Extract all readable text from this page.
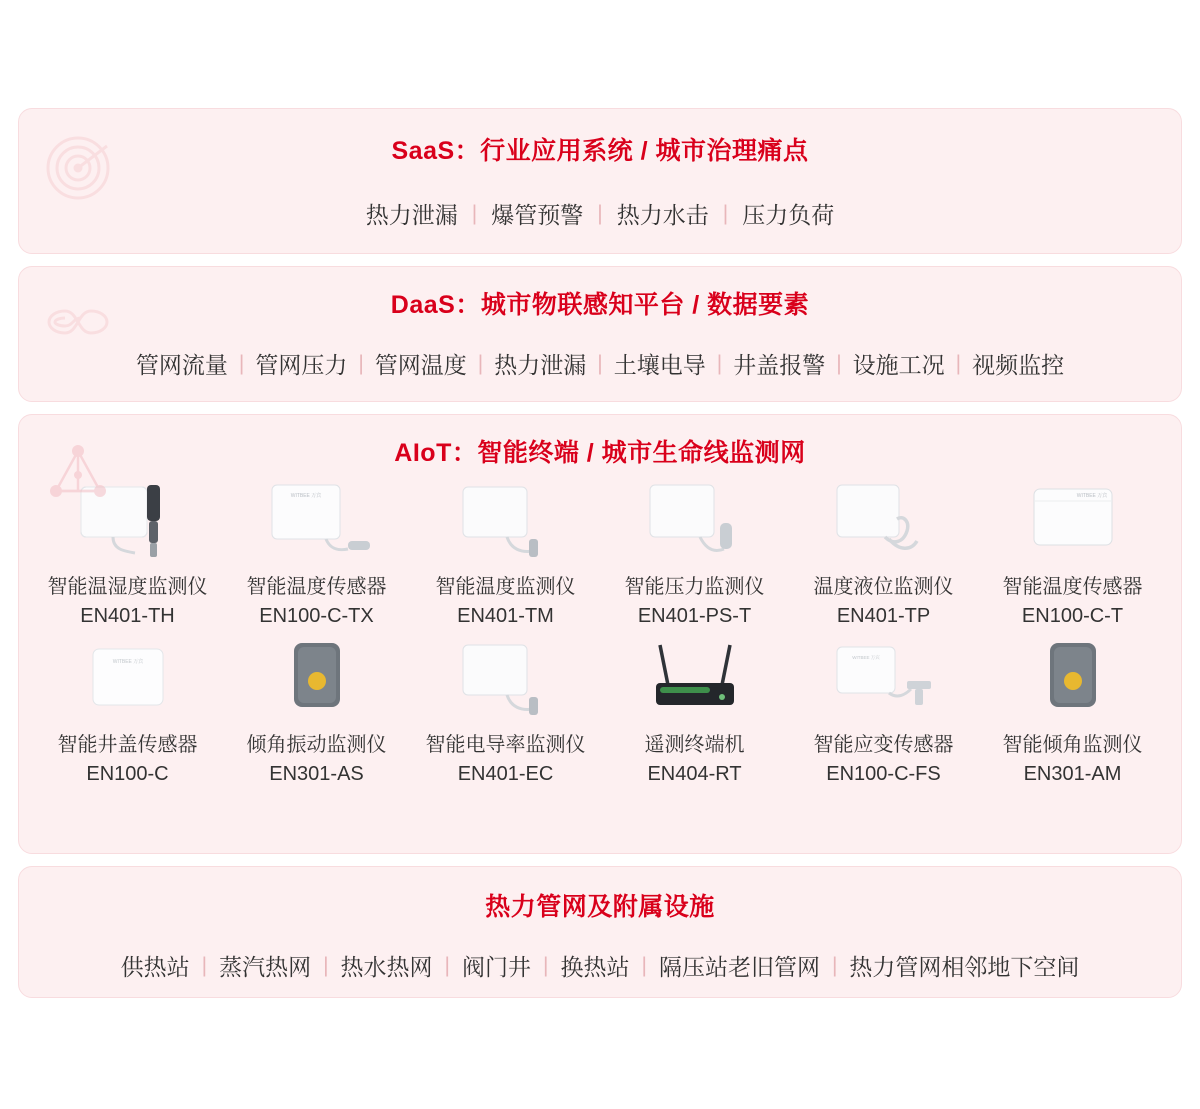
SaaS：行业应用系统 / 城市治理痛点
热力泄漏 | 爆管预警 | 热力水击 | 压力负荷
DaaS：城市物联感知平台 / 数据要素
管网流量 | 管网压力 | 管网温度 | 热力泄漏 | 土壤电导 | 井盖报警 | 设施工况 | 视频监控
AIoT：智能终端 / 城市生命线监测网
智能温湿度监测仪
EN401-TH
WITBEE 万宾
智能温度传感器
EN100-C-TX
智能温度监测仪
EN401-TM
智能压力监测仪
EN401-PS-T
温度液位监测仪
EN401-TP
WITBEE 万宾
智能温度传感器
EN100-C-T
WITBEE 万宾
智能井盖传感器
EN100-C
倾角振动监测仪
EN301-AS
智能电导率监测仪
EN401-EC
遥测终端机
EN404-RT
WITBEE 万宾
智能应变传感器
EN100-C-FS
智能倾角监测仪
EN301-AM
热力管网及附属设施
供热站 | 蒸汽热网 | 热水热网 | 阀门井 | 换热站 | 隔压站老旧管网 | 热力管网相邻地下空间
